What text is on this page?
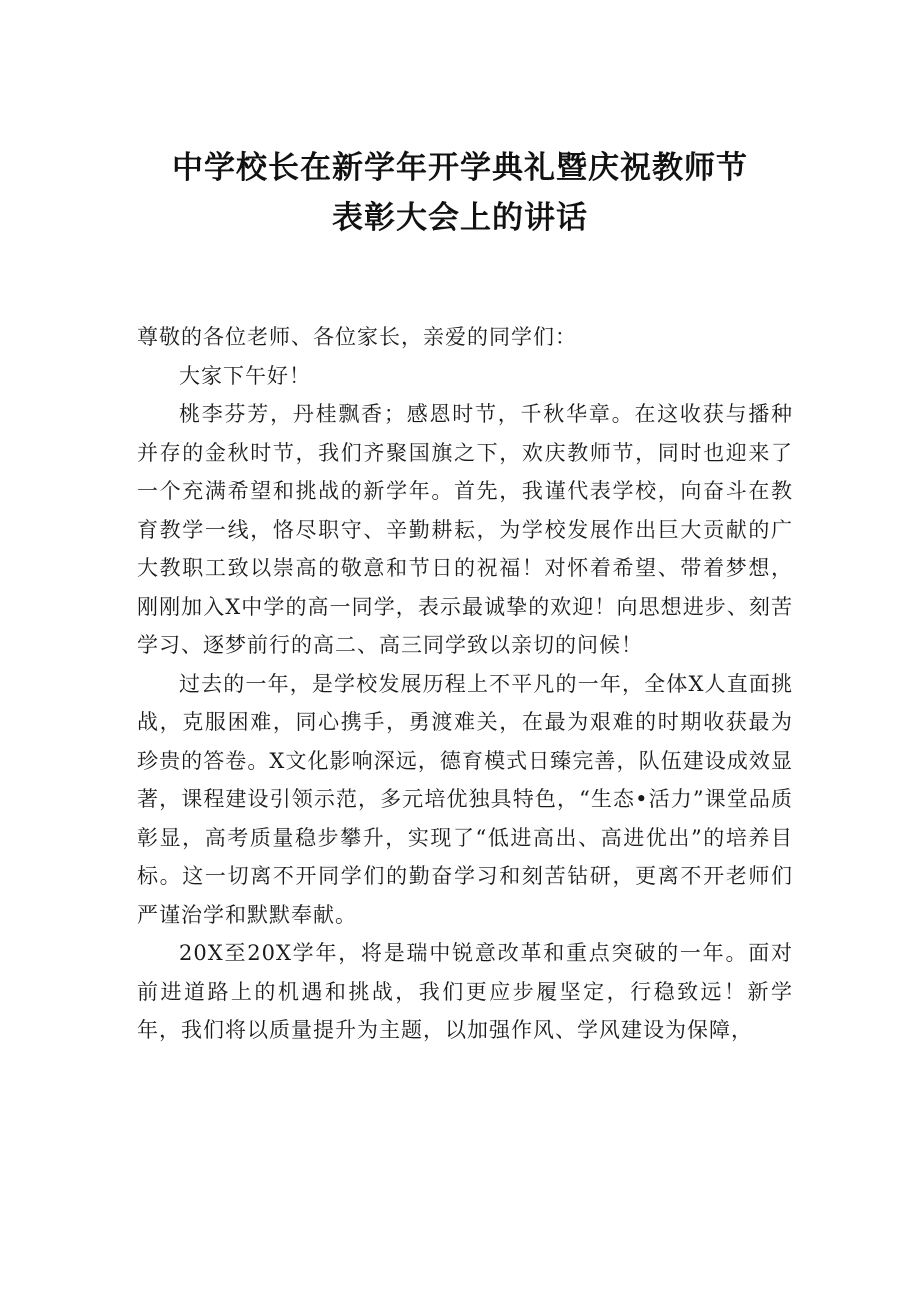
中学校长在新学年开学典礼暨庆祝教师节
表彰大会上的讲话

尊敬的各位老师、各位家长，亲爱的同学们：

大家下午好！

桃李芬芳，丹桂飘香；感恩时节，千秋华章。在这收获与播种并存的金秋时节，我们齐聚国旗之下，欢庆教师节，同时也迎来了一个充满希望和挑战的新学年。首先，我谨代表学校，向奋斗在教育教学一线，恪尽职守、辛勤耕耘，为学校发展作出巨大贡献的广大教职工致以崇高的敬意和节日的祝福！对怀着希望、带着梦想，刚刚加入X中学的高一同学，表示最诚挚的欢迎！向思想进步、刻苦学习、逐梦前行的高二、高三同学致以亲切的问候！

过去的一年，是学校发展历程上不平凡的一年，全体X人直面挑战，克服困难，同心携手，勇渡难关，在最为艰难的时期收获最为珍贵的答卷。X文化影响深远，德育模式日臻完善，队伍建设成效显著，课程建设引领示范，多元培优独具特色，“生态•活力”课堂品质彰显，高考质量稳步攀升，实现了“低进高出、高进优出”的培养目标。这一切离不开同学们的勤奋学习和刻苦钻研，更离不开老师们严谨治学和默默奉献。

20X至20X学年，将是瑞中锐意改革和重点突破的一年。面对前进道路上的机遇和挑战，我们更应步履坚定，行稳致远！新学年，我们将以质量提升为主题，以加强作风、学风建设为保障，
